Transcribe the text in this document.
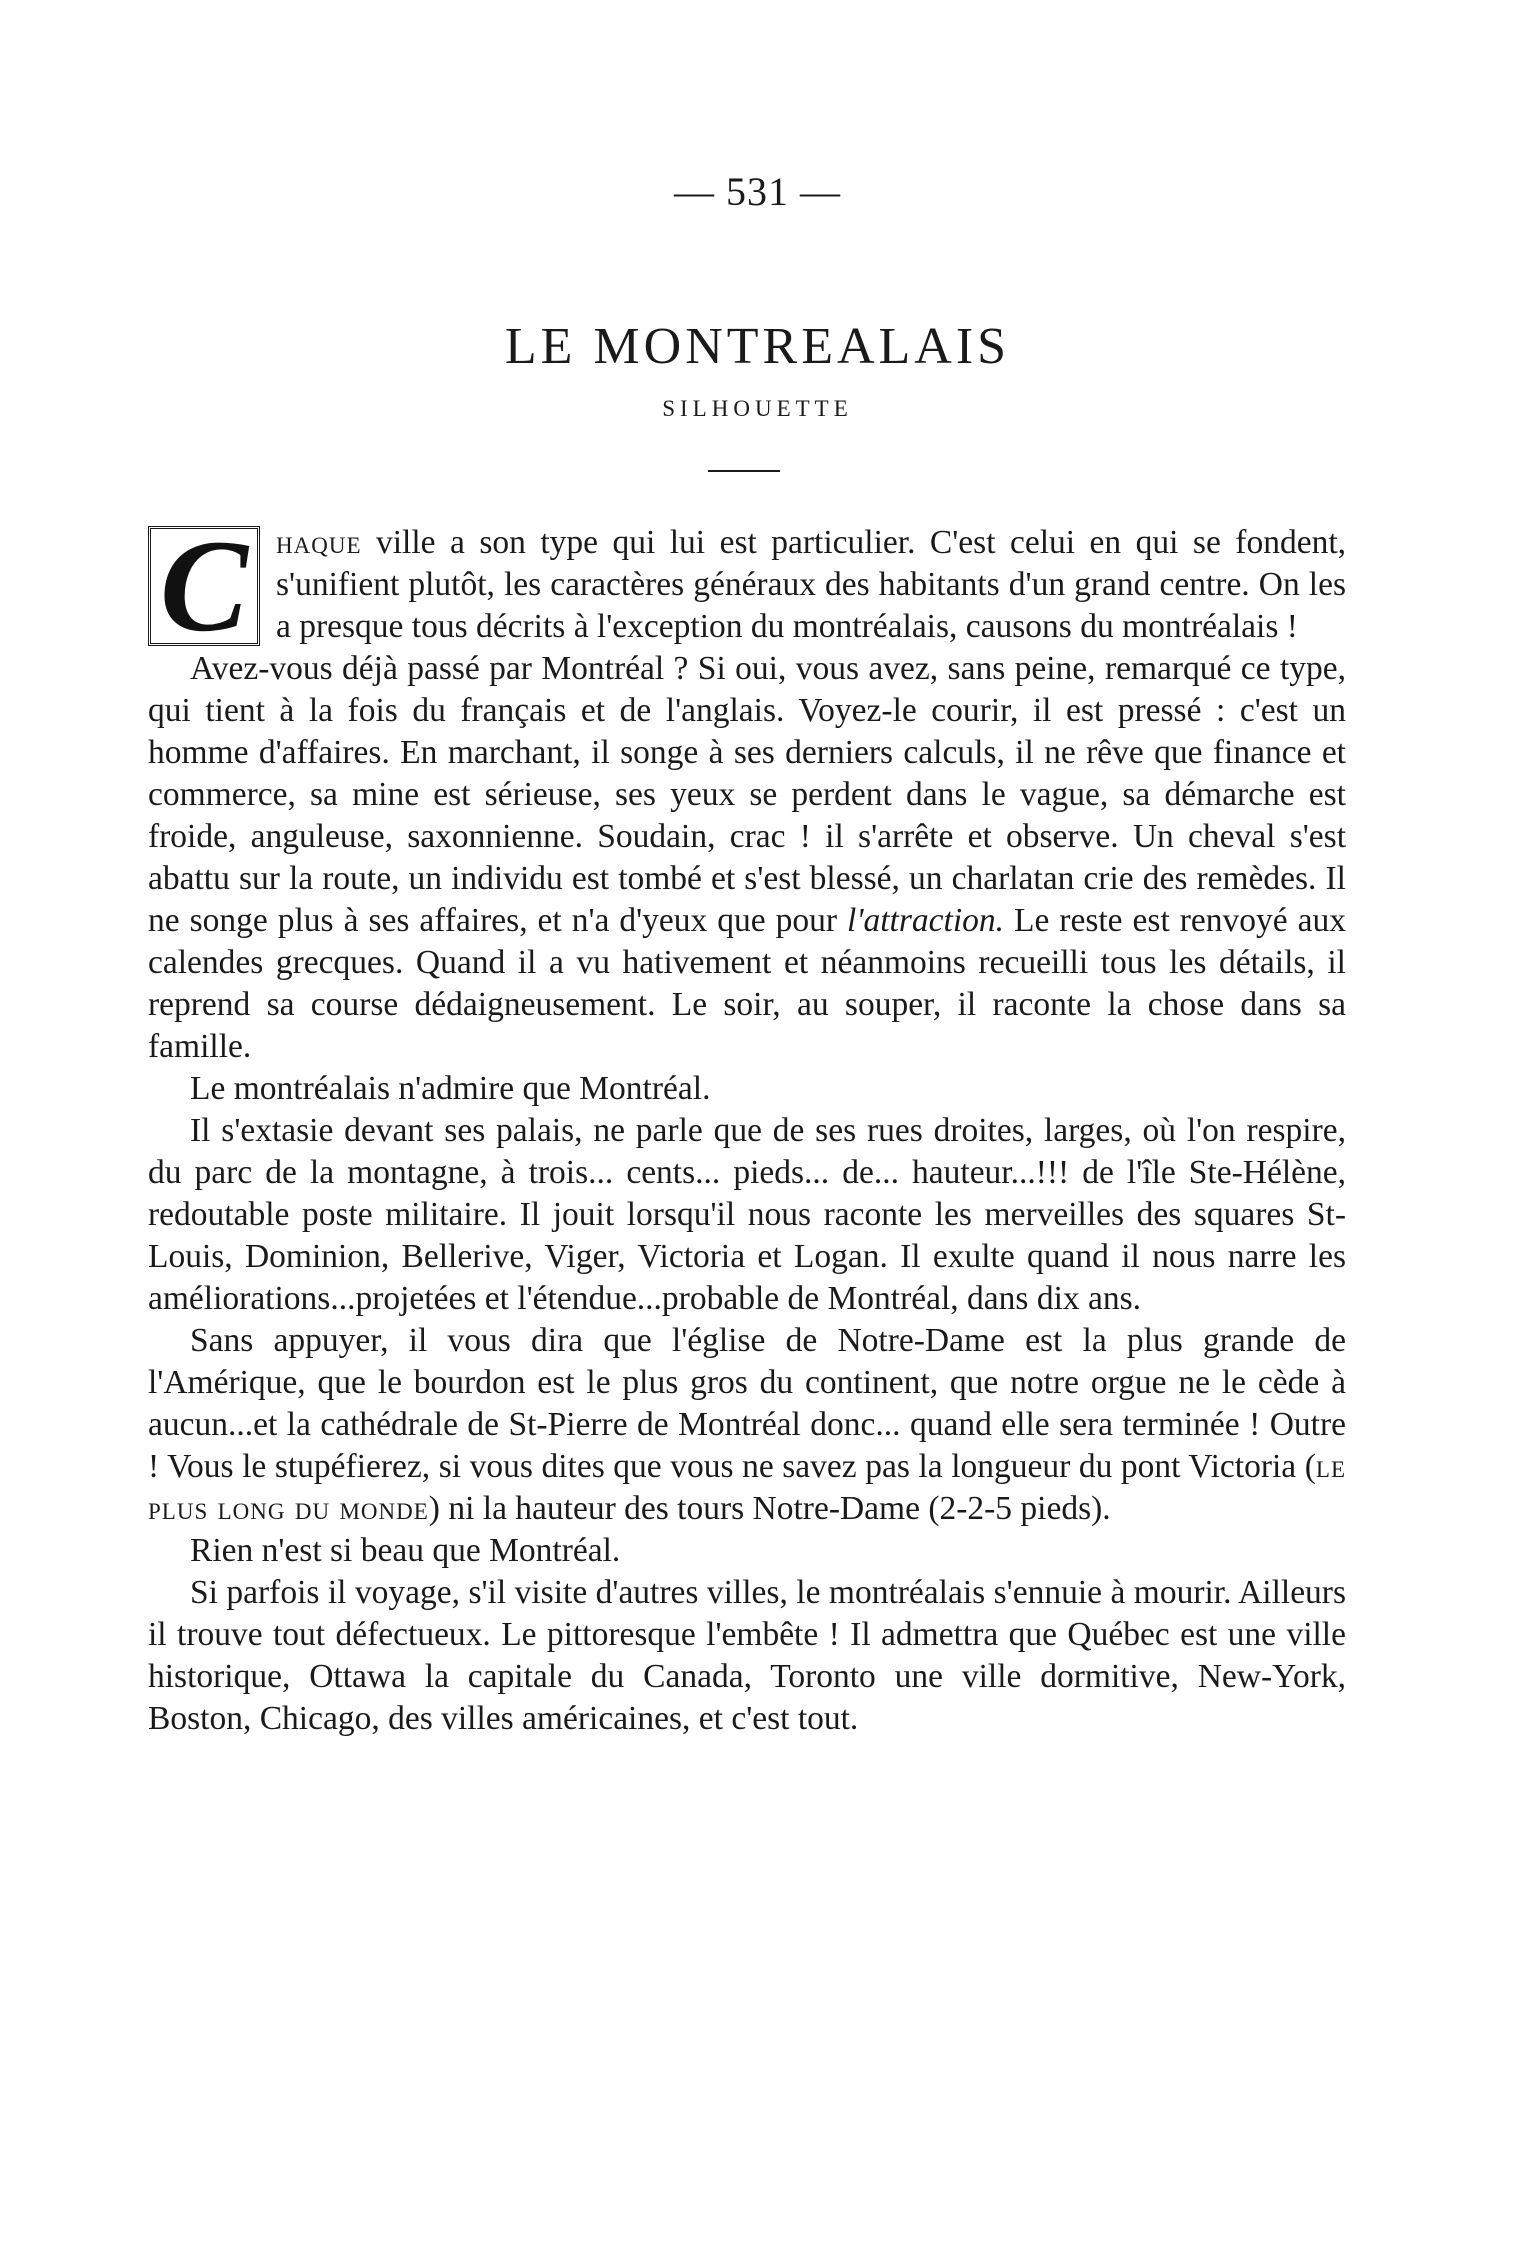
— 531 —
LE MONTREALAIS
SILHOUETTE

C haque ville a son type qui lui est particulier. C'est celui en qui se fondent, s'unifient plutôt, les caractères généraux des habitants d'un grand centre. On les a presque tous décrits à l'exception du montréalais, causons du montréalais !

Avez-vous déjà passé par Montréal ? Si oui, vous avez, sans peine, remarqué ce type, qui tient à la fois du français et de l'anglais. Voyez-le courir, il est pressé : c'est un homme d'affaires. En marchant, il songe à ses derniers calculs, il ne rêve que finance et commerce, sa mine est sérieuse, ses yeux se perdent dans le vague, sa démarche est froide, anguleuse, saxonnienne. Soudain, crac ! il s'arrête et observe. Un cheval s'est abattu sur la route, un individu est tombé et s'est blessé, un charlatan crie des remèdes. Il ne songe plus à ses affaires, et n'a d'yeux que pour l'attraction. Le reste est renvoyé aux calendes grecques. Quand il a vu hativement et néanmoins recueilli tous les détails, il reprend sa course dédaigneusement. Le soir, au souper, il raconte la chose dans sa famille.

Le montréalais n'admire que Montréal.

Il s'extasie devant ses palais, ne parle que de ses rues droites, larges, où l'on respire, du parc de la montagne, à trois... cents... pieds... de... hauteur...!!! de l'île Ste-Hélène, redoutable poste militaire. Il jouit lorsqu'il nous raconte les merveilles des squares St-Louis, Dominion, Bellerive, Viger, Victoria et Logan. Il exulte quand il nous narre les améliorations...projetées et l'étendue...probable de Montréal, dans dix ans.

Sans appuyer, il vous dira que l'église de Notre-Dame est la plus grande de l'Amérique, que le bourdon est le plus gros du continent, que notre orgue ne le cède à aucun...et la cathédrale de St-Pierre de Montréal donc... quand elle sera terminée ! Outre ! Vous le stupéfierez, si vous dites que vous ne savez pas la longueur du pont Victoria (le plus long du monde) ni la hauteur des tours Notre-Dame (2-2-5 pieds).

Rien n'est si beau que Montréal.

Si parfois il voyage, s'il visite d'autres villes, le montréalais s'ennuie à mourir. Ailleurs il trouve tout défectueux. Le pittoresque l'embête ! Il admettra que Québec est une ville historique, Ottawa la capitale du Canada, Toronto une ville dormitive, New-York, Boston, Chicago, des villes américaines, et c'est tout.
